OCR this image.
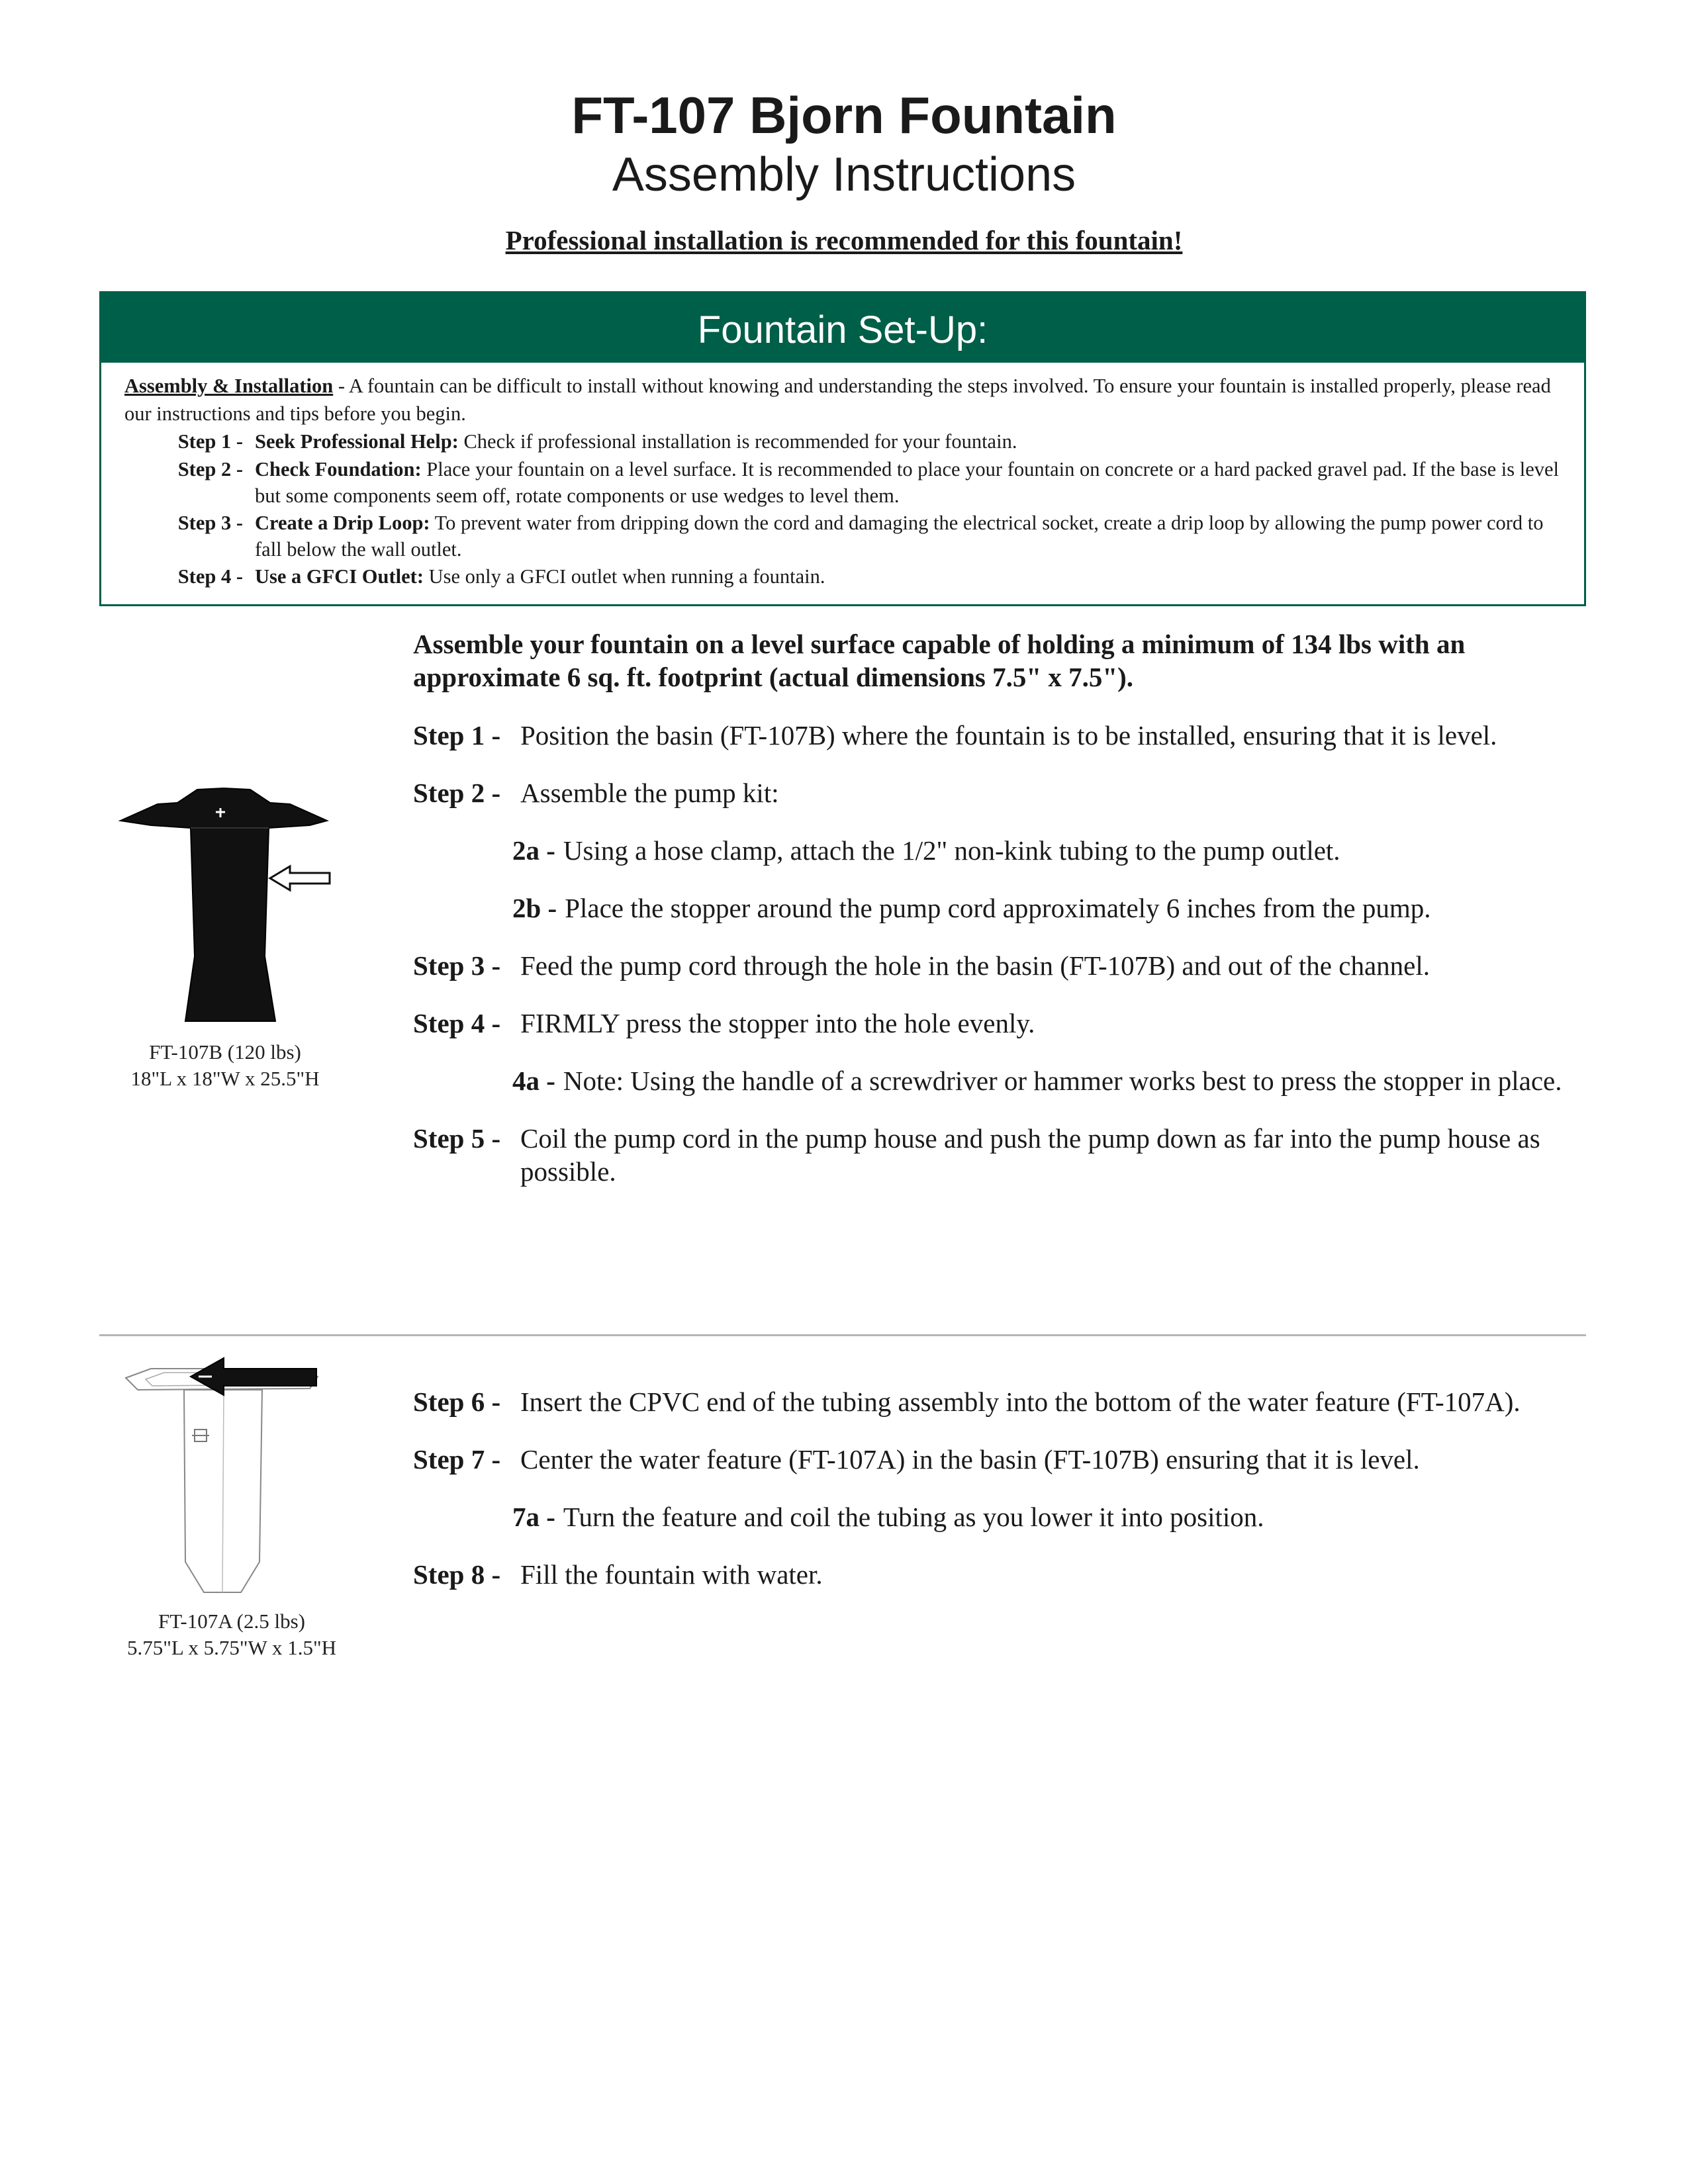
FT-107 Bjorn Fountain
Assembly Instructions
Professional installation is recommended for this fountain!
Fountain Set-Up:
Assembly & Installation - A fountain can be difficult to install without knowing and understanding the steps involved. To ensure your fountain is installed properly, please read our instructions and tips before you begin.
Step 1 - Seek Professional Help: Check if professional installation is recommended for your fountain.
Step 2 - Check Foundation: Place your fountain on a level surface. It is recommended to place your fountain on concrete or a hard packed gravel pad. If the base is level but some components seem off, rotate components or use wedges to level them.
Step 3 - Create a Drip Loop: To prevent water from dripping down the cord and damaging the electrical socket, create a drip loop by allowing the pump power cord to fall below the wall outlet.
Step 4 - Use a GFCI Outlet: Use only a GFCI outlet when running a fountain.
FT-107B (120 lbs)
18"L x 18"W x 25.5"H
Assemble your fountain on a level surface capable of holding a minimum of 134 lbs with an approximate 6 sq. ft. footprint (actual dimensions 7.5" x 7.5").
Step 1 - Position the basin (FT-107B) where the fountain is to be installed, ensuring that it is level.
Step 2 - Assemble the pump kit:
2a - Using a hose clamp, attach the 1/2" non-kink tubing to the pump outlet.
2b - Place the stopper around the pump cord approximately 6 inches from the pump.
Step 3 - Feed the pump cord through the hole in the basin (FT-107B) and out of the channel.
Step 4 - FIRMLY press the stopper into the hole evenly.
4a - Note: Using the handle of a screwdriver or hammer works best to press the stopper in place.
Step 5 - Coil the pump cord in the pump house and push the pump down as far into the pump house as possible.
FT-107A (2.5 lbs)
5.75"L x 5.75"W x 1.5"H
Step 6 - Insert the CPVC end of the tubing assembly into the bottom of the water feature (FT-107A).
Step 7 - Center the water feature (FT-107A) in the basin (FT-107B) ensuring that it is level.
7a - Turn the feature and coil the tubing as you lower it into position.
Step 8 - Fill the fountain with water.
